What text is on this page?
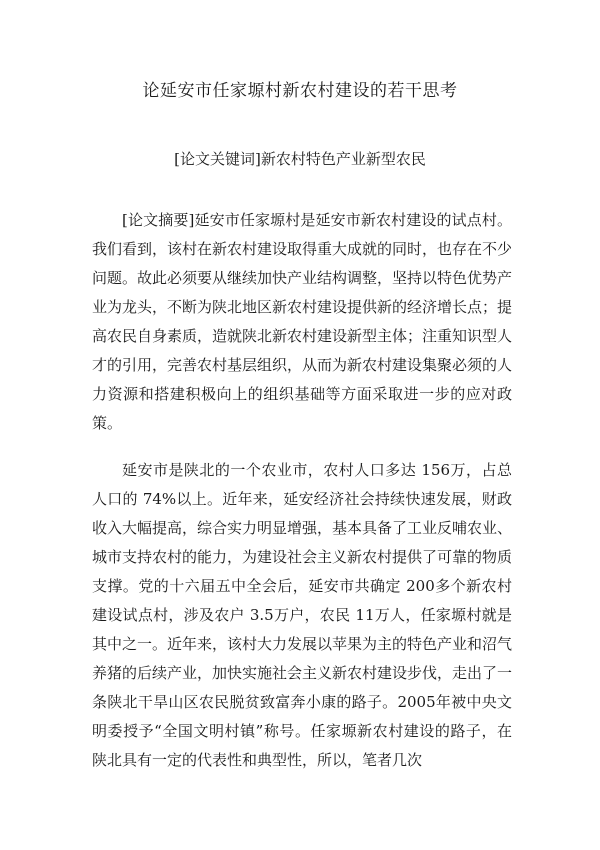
论延安市任家塬村新农村建设的若干思考

[论文关键词]新农村特色产业新型农民

[论文摘要]延安市任家塬村是延安市新农村建设的试点村。我们看到，该村在新农村建设取得重大成就的同时，也存在不少问题。故此必须要从继续加快产业结构调整，坚持以特色优势产业为龙头，不断为陕北地区新农村建设提供新的经济增长点；提高农民自身素质，造就陕北新农村建设新型主体；注重知识型人才的引用，完善农村基层组织，从而为新农村建设集聚必须的人力资源和搭建积极向上的组织基础等方面采取进一步的应对政策。

延安市是陕北的一个农业市，农村人口多达 156万，占总人口的 74%以上。近年来，延安经济社会持续快速发展，财政收入大幅提高，综合实力明显增强，基本具备了工业反哺农业、城市支持农村的能力，为建设社会主义新农村提供了可靠的物质支撑。党的十六届五中全会后，延安市共确定 200多个新农村建设试点村，涉及农户 3.5万户，农民 11万人，任家塬村就是其中之一。近年来，该村大力发展以苹果为主的特色产业和沼气养猪的后续产业，加快实施社会主义新农村建设步伐，走出了一条陕北干旱山区农民脱贫致富奔小康的路子。2005年被中央文明委授予“全国文明村镇”称号。任家塬新农村建设的路子，在陕北具有一定的代表性和典型性，所以，笔者几次
